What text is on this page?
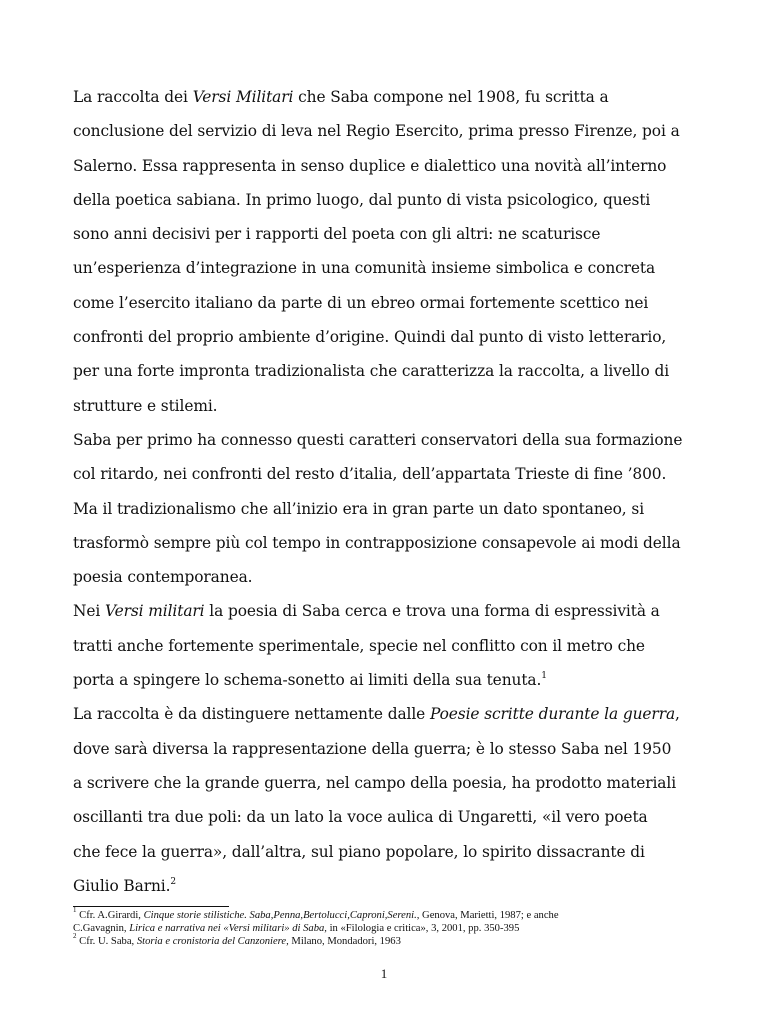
La raccolta dei Versi Militari che Saba compone nel 1908, fu scritta a
conclusione del servizio di leva nel Regio Esercito, prima presso Firenze, poi a
Salerno. Essa rappresenta in senso duplice e dialettico una novità all’interno
della poetica sabiana. In primo luogo, dal punto di vista psicologico, questi
sono anni decisivi per i rapporti del poeta con gli altri: ne scaturisce
un’esperienza d’integrazione in una comunità insieme simbolica e concreta
come l’esercito italiano da parte di un ebreo ormai fortemente scettico nei
confronti del proprio ambiente d’origine. Quindi dal punto di visto letterario,
per una forte impronta tradizionalista che caratterizza la raccolta, a livello di
strutture e stilemi.

Saba per primo ha connesso questi caratteri conservatori della sua formazione
col ritardo, nei confronti del resto d’italia, dell’appartata Trieste di fine ’800.
Ma il tradizionalismo che all’inizio era in gran parte un dato spontaneo, si
trasformò sempre più col tempo in contrapposizione consapevole ai modi della
poesia contemporanea.

Nei Versi militari la poesia di Saba cerca e trova una forma di espressività a
tratti anche fortemente sperimentale, specie nel conflitto con il metro che
porta a spingere lo schema-sonetto ai limiti della sua tenuta.$^1$

La raccolta è da distinguere nettamente dalle Poesie scritte durante la guerra,
dove sarà diversa la rappresentazione della guerra; è lo stesso Saba nel 1950
a scrivere che la grande guerra, nel campo della poesia, ha prodotto materiali
oscillanti tra due poli: da un lato la voce aulica di Ungaretti, «il vero poeta
che fece la guerra», dall’altra, sul piano popolare, lo spirito dissacrante di
Giulio Barni.$^2$

$^1$ Cfr. A.Girardi, Cinque storie stilistiche. Saba,Penna,Bertolucci,Caproni,Sereni., Genova, Marietti, 1987; e anche
C.Gavagnin, Lirica e narrativa nei «Versi militari» di Saba, in «Filologia e critica», 3, 2001, pp. 350-395
$^2$ Cfr. U. Saba, Storia e cronistoria del Canzoniere, Milano, Mondadori, 1963
1
